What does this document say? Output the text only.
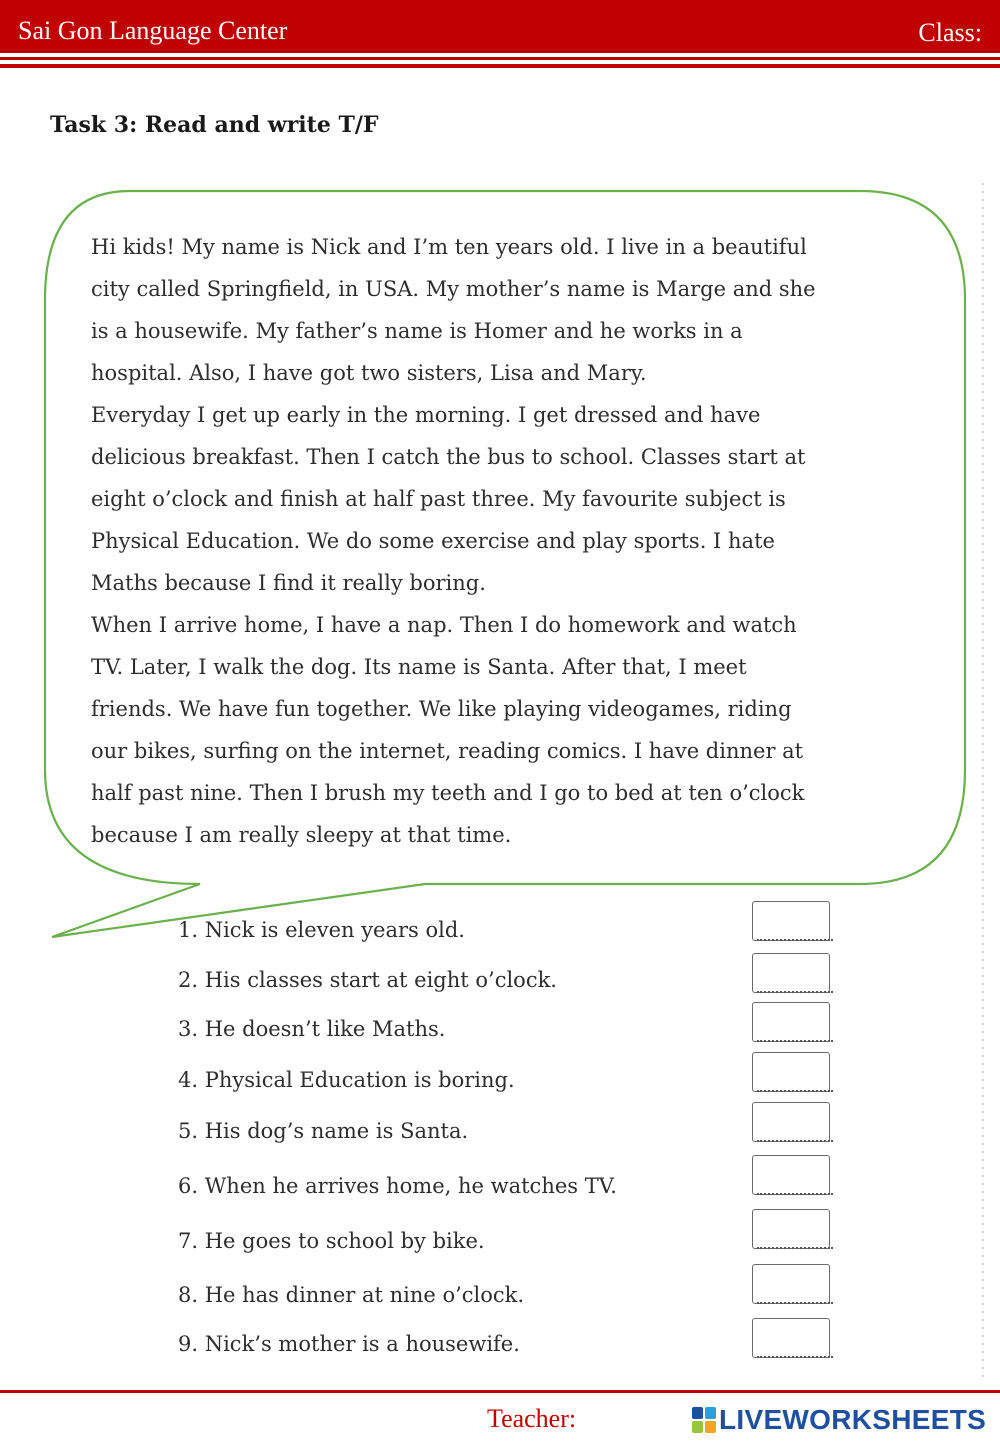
Sai Gon Language Center	Class:
Task 3: Read and write T/F
Hi kids! My name is Nick and I’m ten years old. I live in a beautiful
city called Springfield, in USA. My mother’s name is Marge and she
is a housewife. My father’s name is Homer and he works in a
hospital. Also, I have got two sisters, Lisa and Mary.
Everyday I get up early in the morning. I get dressed and have
delicious breakfast. Then I catch the bus to school. Classes start at
eight o’clock and finish at half past three. My favourite subject is
Physical Education. We do some exercise and play sports. I hate
Maths because I find it really boring.
When I arrive home, I have a nap. Then I do homework and watch
TV. Later, I walk the dog. Its name is Santa. After that, I meet
friends. We have fun together. We like playing videogames, riding
our bikes, surfing on the internet, reading comics. I have dinner at
half past nine. Then I brush my teeth and I go to bed at ten o’clock
because I am really sleepy at that time.
1. Nick is eleven years old.
2. His classes start at eight o’clock.
3. He doesn’t like Maths.
4. Physical Education is boring.
5. His dog’s name is Santa.
6. When he arrives home, he watches TV.
7. He goes to school by bike.
8. He has dinner at nine o’clock.
9. Nick’s mother is a housewife.
Teacher:	LIVEWORKSHEETS
